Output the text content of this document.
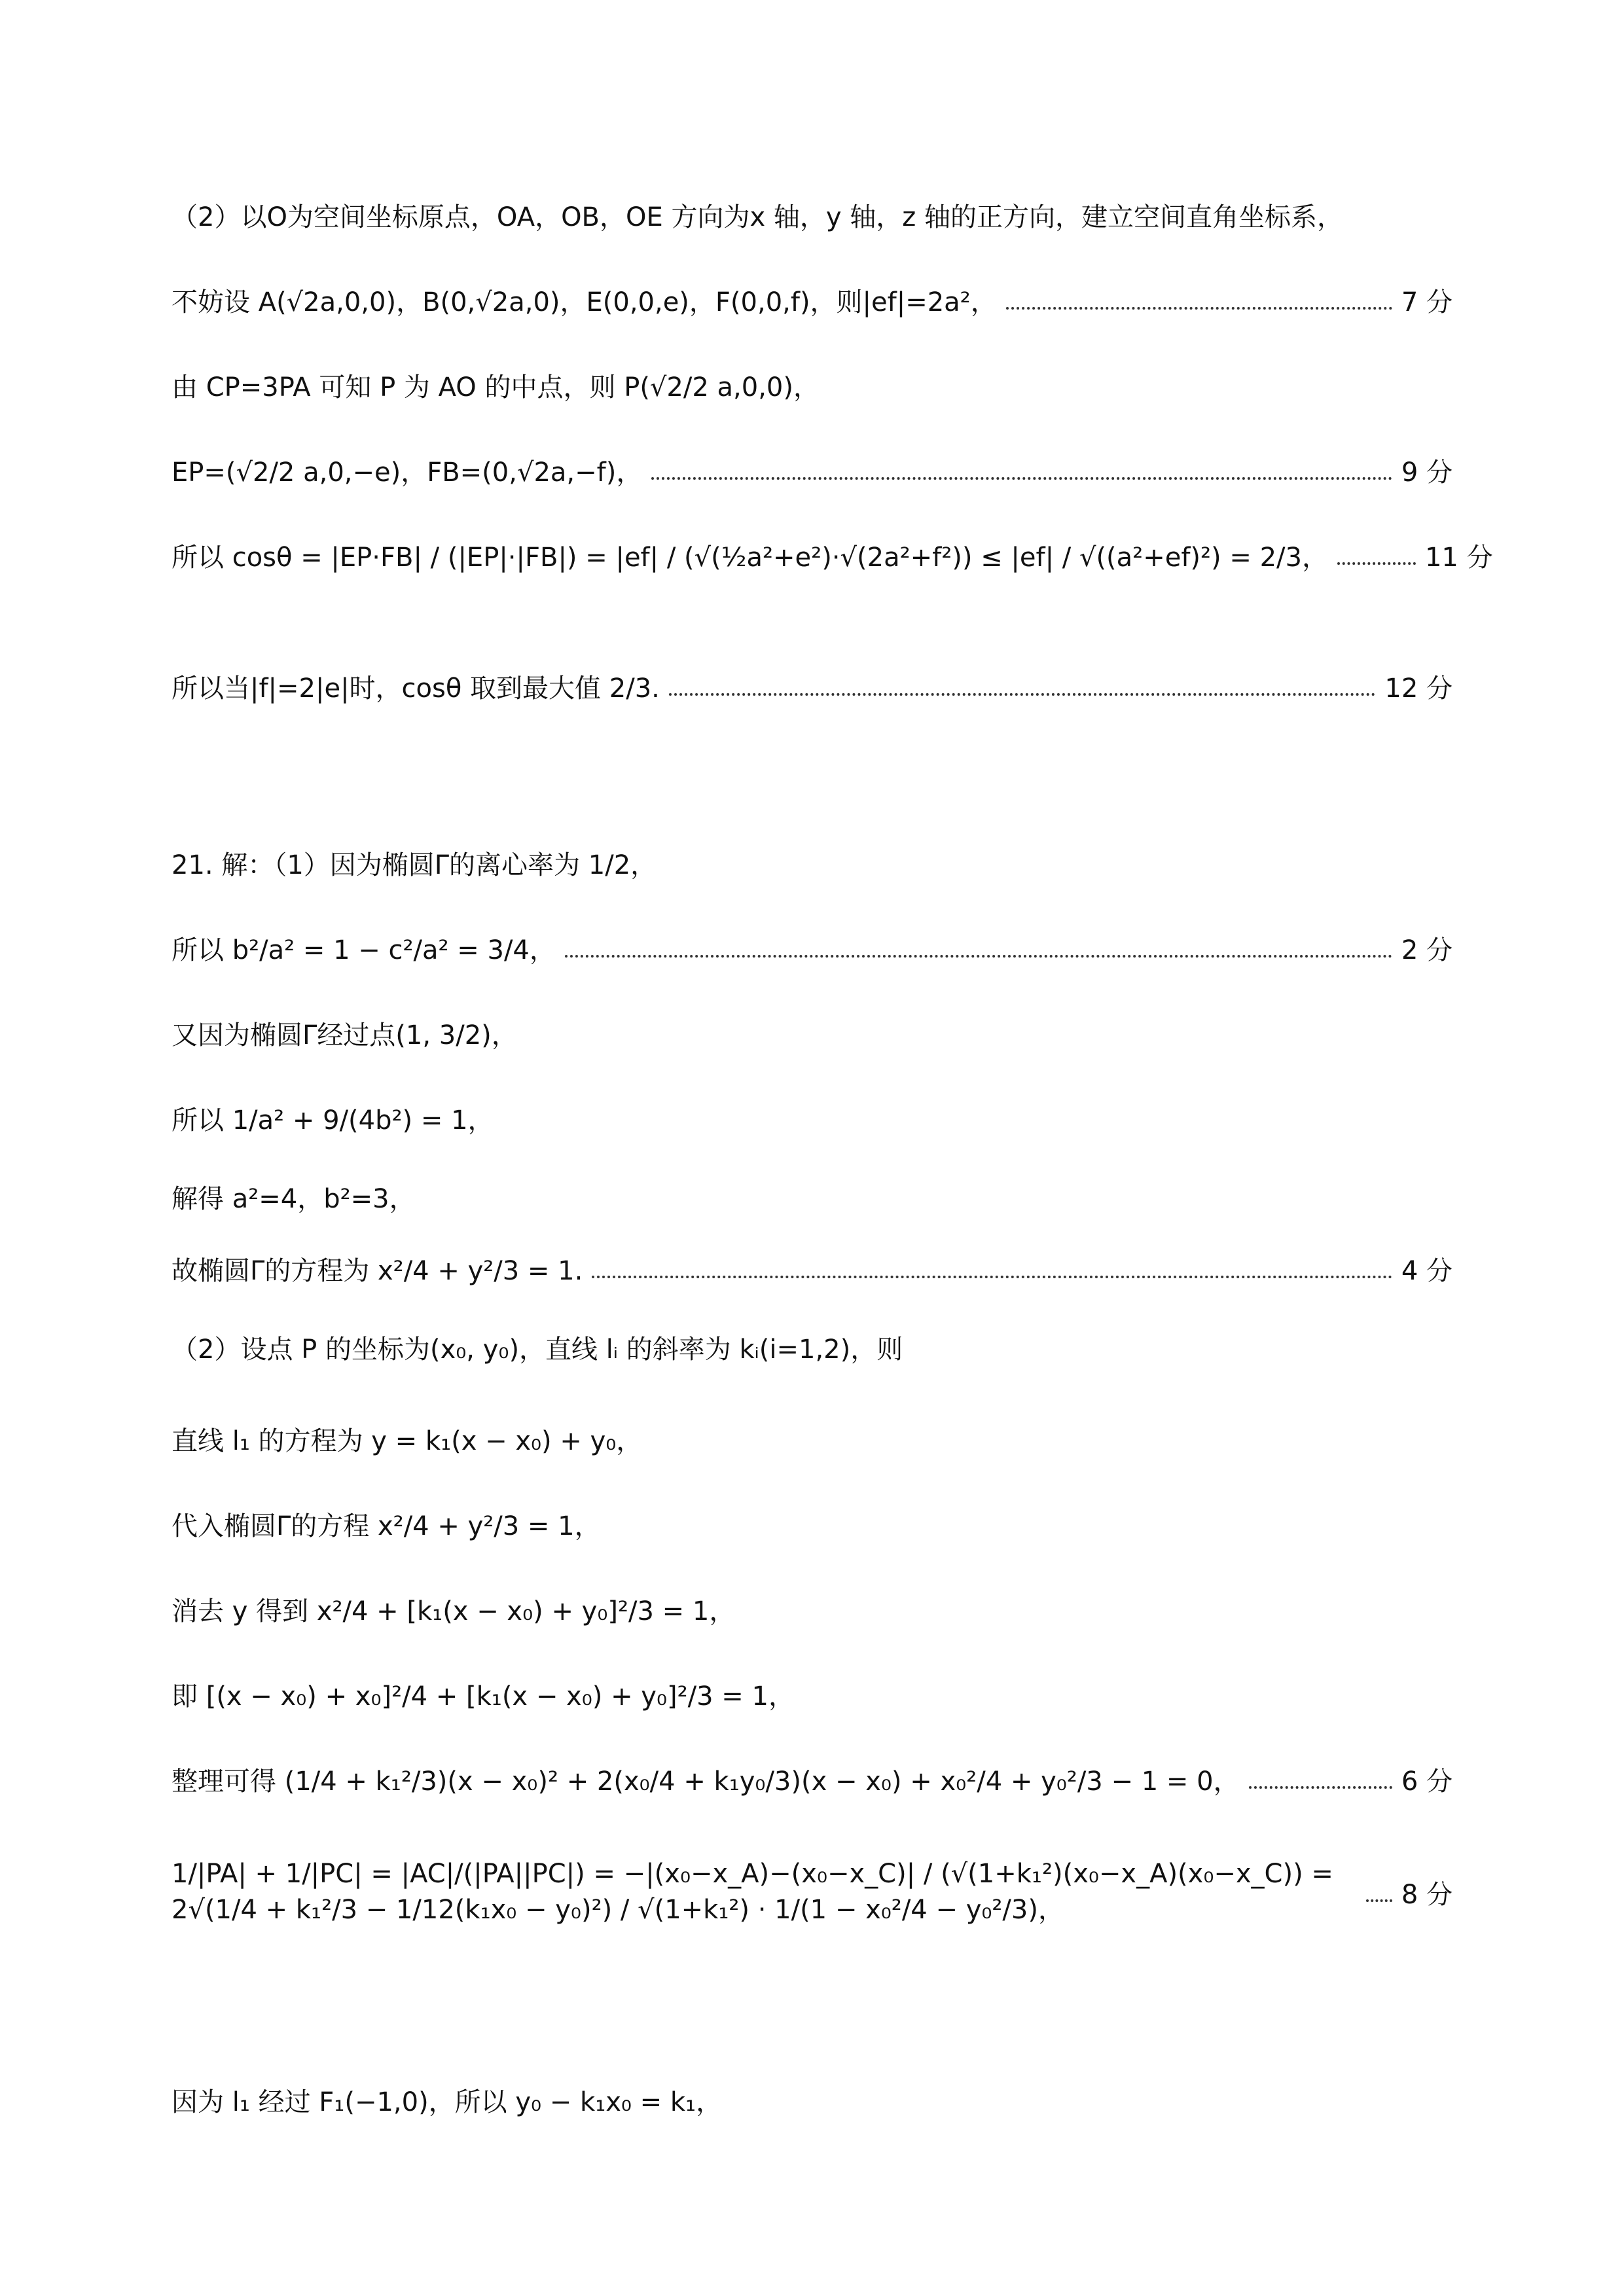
（2）以O为空间坐标原点，OA，OB，OE 方向为x 轴，y 轴，z 轴的正方向，建立空间直角坐标系，
不妨设 A(√2a,0,0)，B(0,√2a,0)，E(0,0,e)，F(0,0,f)，则|ef|=2a²，	7 分
由 CP=3PA 可知 P 为 AO 的中点，则 P(√2/2 a,0,0)，
EP=(√2/2 a,0,−e)，FB=(0,√2a,−f)，	9 分
所以 cosθ = |EP·FB| / (|EP|·|FB|) = |ef| / (√(½a²+e²)·√(2a²+f²)) ≤ |ef| / √((a²+ef)²) = 2/3，	11 分
所以当|f|=2|e|时，cosθ 取到最大值 2/3.	12 分
21. 解：（1）因为椭圆Γ的离心率为 1/2，
所以 b²/a² = 1 − c²/a² = 3/4，	2 分
又因为椭圆Γ经过点(1, 3/2)，
所以 1/a² + 9/(4b²) = 1，
解得 a²=4，b²=3，
故椭圆Γ的方程为 x²/4 + y²/3 = 1.	4 分
（2）设点 P 的坐标为(x₀, y₀)，直线 lᵢ 的斜率为 kᵢ(i=1,2)，则
直线 l₁ 的方程为 y = k₁(x − x₀) + y₀，
代入椭圆Γ的方程 x²/4 + y²/3 = 1，
消去 y 得到 x²/4 + [k₁(x − x₀) + y₀]²/3 = 1，
即 [(x − x₀) + x₀]²/4 + [k₁(x − x₀) + y₀]²/3 = 1，
整理可得 (1/4 + k₁²/3)(x − x₀)² + 2(x₀/4 + k₁y₀/3)(x − x₀) + x₀²/4 + y₀²/3 − 1 = 0，	6 分
1/|PA| + 1/|PC| = |AC|/(|PA||PC|) = −|(x₀−x_A)−(x₀−x_C)| / (√(1+k₁²)(x₀−x_A)(x₀−x_C)) = 2√(1/4 + k₁²/3 − 1/12(k₁x₀ − y₀)²) / √(1+k₁²) · 1/(1 − x₀²/4 − y₀²/3)，	8 分
因为 l₁ 经过 F₁(−1,0)，所以 y₀ − k₁x₀ = k₁，
